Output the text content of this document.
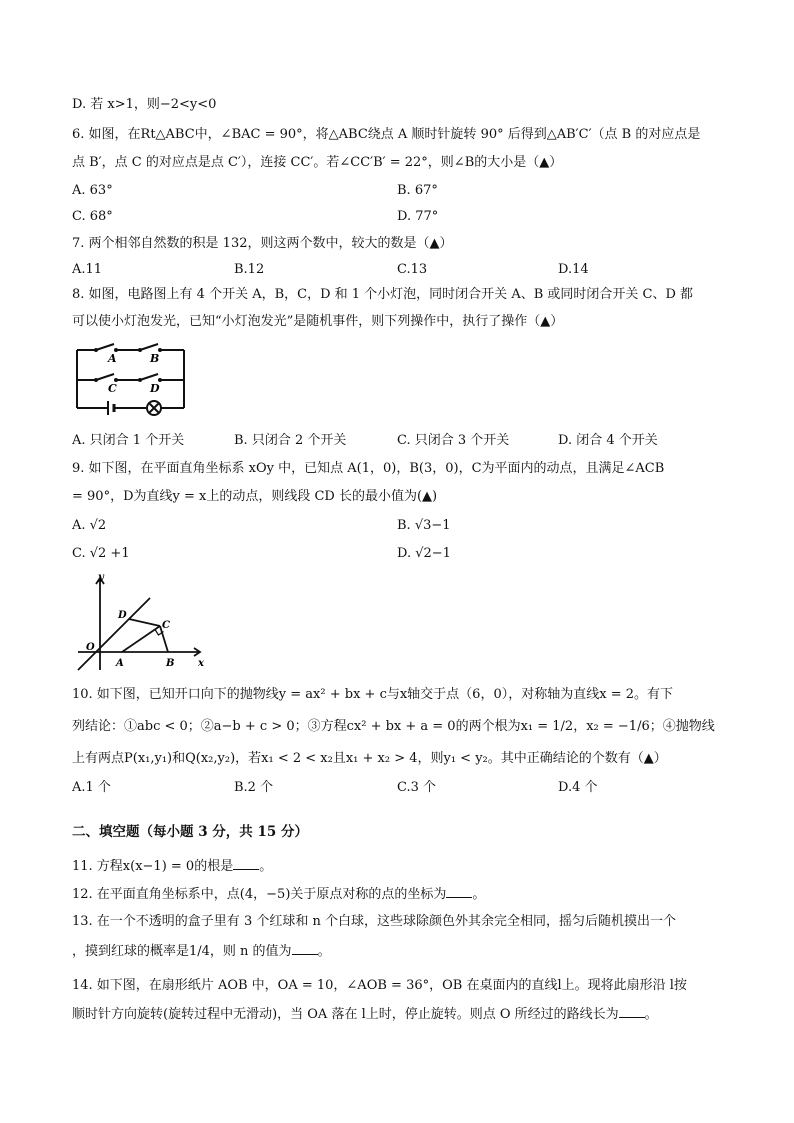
D. 若 x>1，则−2<y<0
6. 如图，在Rt△ABC中，∠BAC = 90°，将△ABC绕点 A 顺时针旋转 90° 后得到△AB′C′（点 B 的对应点是
点 B′，点 C 的对应点是点 C′），连接 CC′。若∠CC′B′ = 22°，则∠B的大小是（▲）
A. 63°	B. 67°
C. 68°	D. 77°
7. 两个相邻自然数的积是 132，则这两个数中，较大的数是（▲）
A.11	B.12	C.13	D.14
8. 如图，电路图上有 4 个开关 A，B，C，D 和 1 个小灯泡，同时闭合开关 A、B 或同时闭合开关 C、D 都
可以使小灯泡发光，已知“小灯泡发光”是随机事件，则下列操作中，执行了操作（▲）
A	B
C	D
A. 只闭合 1 个开关	B. 只闭合 2 个开关	C. 只闭合 3 个开关	D. 闭合 4 个开关
9. 如下图，在平面直角坐标系 xOy 中，已知点 A(1，0)，B(3，0)，C为平面内的动点，且满足∠ACB
= 90°，D为直线y = x上的动点，则线段 CD 长的最小值为(▲)
A. √2	B. √3−1
C. √2 +1	D. √2−1
y
x
O
A	B
C
D
10. 如下图，已知开口向下的抛物线y = ax² + bx + c与x轴交于点（6，0），对称轴为直线x = 2。有下
列结论：①abc < 0；②a−b + c > 0；③方程cx² + bx + a = 0的两个根为x₁ = 1/2，x₂ = −1/6；④抛物线
上有两点P(x₁,y₁)和Q(x₂,y₂)，若x₁ < 2 < x₂且x₁ + x₂ > 4，则y₁ < y₂。其中正确结论的个数有（▲）
A.1 个	B.2 个	C.3 个	D.4 个
二、填空题（每小题 3 分，共 15 分）
11. 方程x(x−1) = 0的根是 。
12. 在平面直角坐标系中，点(4，−5)关于原点对称的点的坐标为 。
13. 在一个不透明的盒子里有 3 个红球和 n 个白球，这些球除颜色外其余完全相同，摇匀后随机摸出一个
，摸到红球的概率是1/4，则 n 的值为 。
14. 如下图，在扇形纸片 AOB 中，OA = 10，∠AOB = 36°，OB 在桌面内的直线l上。现将此扇形沿 l按
顺时针方向旋转(旋转过程中无滑动)，当 OA 落在 l上时，停止旋转。则点 O 所经过的路线长为 。
